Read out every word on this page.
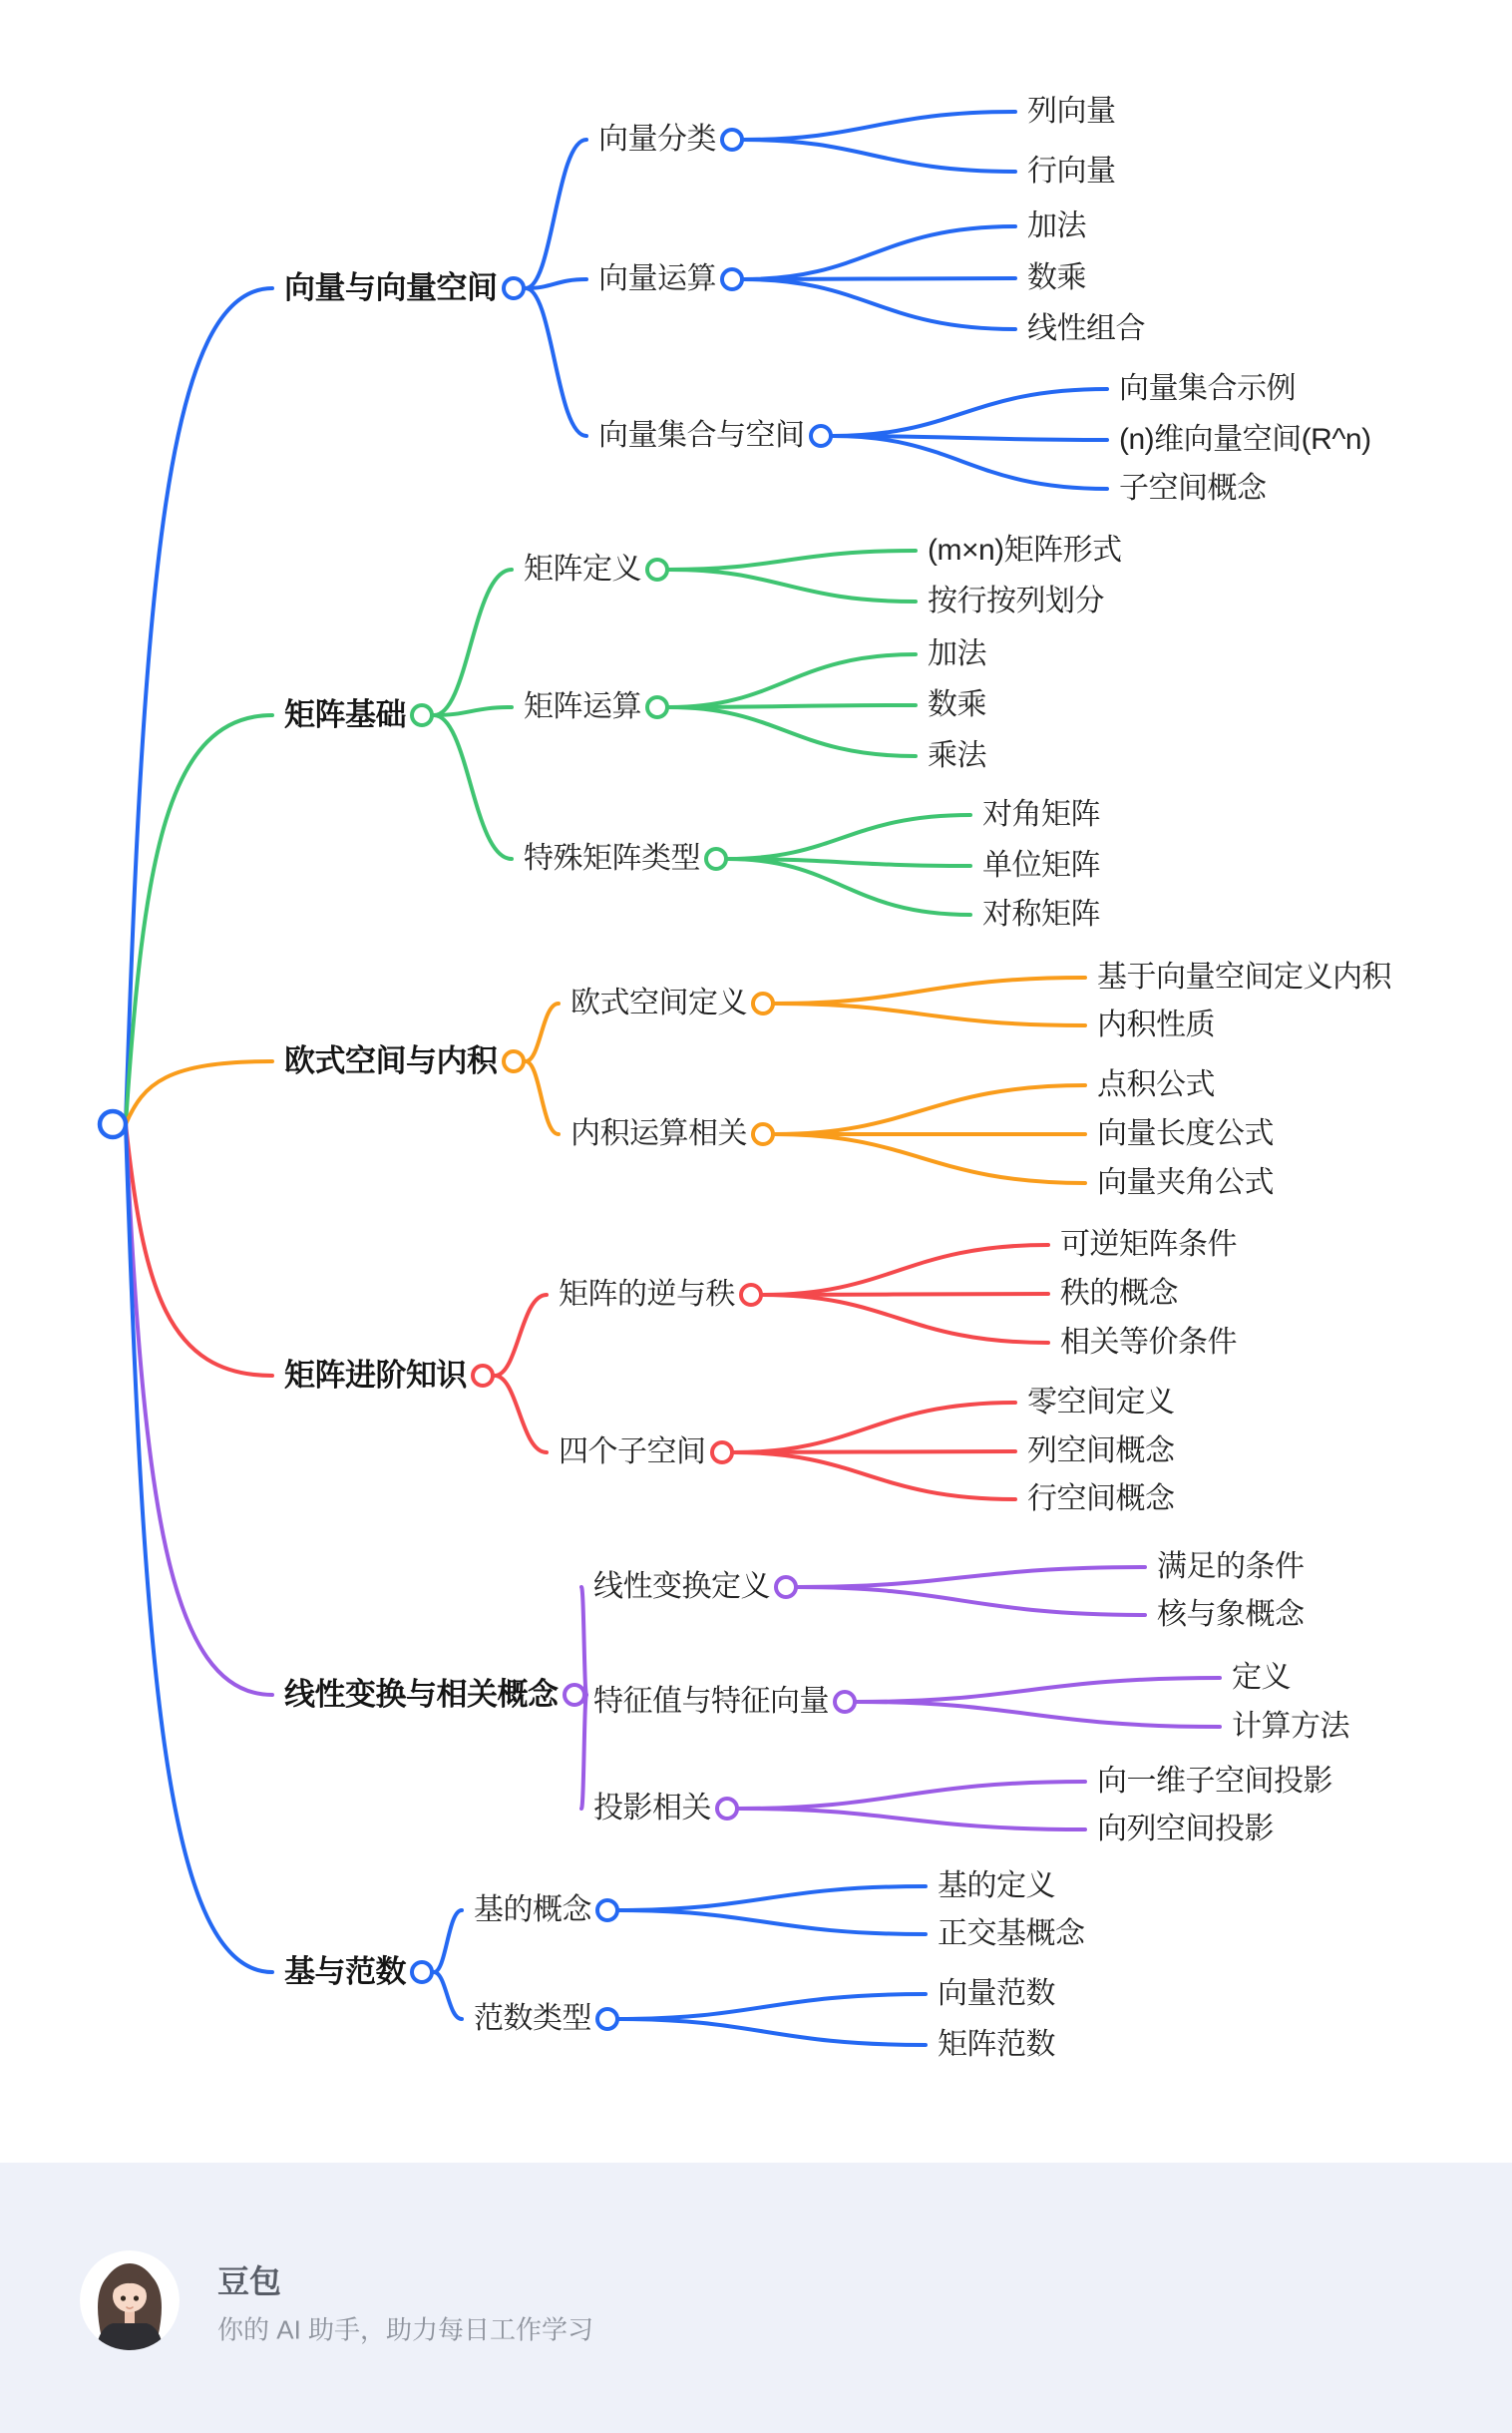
向量与向量空间
向量分类
列向量
行向量
向量运算
加法
数乘
线性组合
向量集合与空间
向量集合示例
(n)维向量空间(R^n)
子空间概念
矩阵基础
矩阵定义
(m×n)矩阵形式
按行按列划分
矩阵运算
加法
数乘
乘法
特殊矩阵类型
对角矩阵
单位矩阵
对称矩阵
欧式空间与内积
欧式空间定义
基于向量空间定义内积
内积性质
内积运算相关
点积公式
向量长度公式
向量夹角公式
矩阵进阶知识
矩阵的逆与秩
可逆矩阵条件
秩的概念
相关等价条件
四个子空间
零空间定义
列空间概念
行空间概念
线性变换与相关概念
线性变换定义
满足的条件
核与象概念
特征值与特征向量
定义
计算方法
投影相关
向一维子空间投影
向列空间投影
基与范数
基的概念
基的定义
正交基概念
范数类型
向量范数
矩阵范数
豆包
你的 AI 助手，助力每日工作学习
